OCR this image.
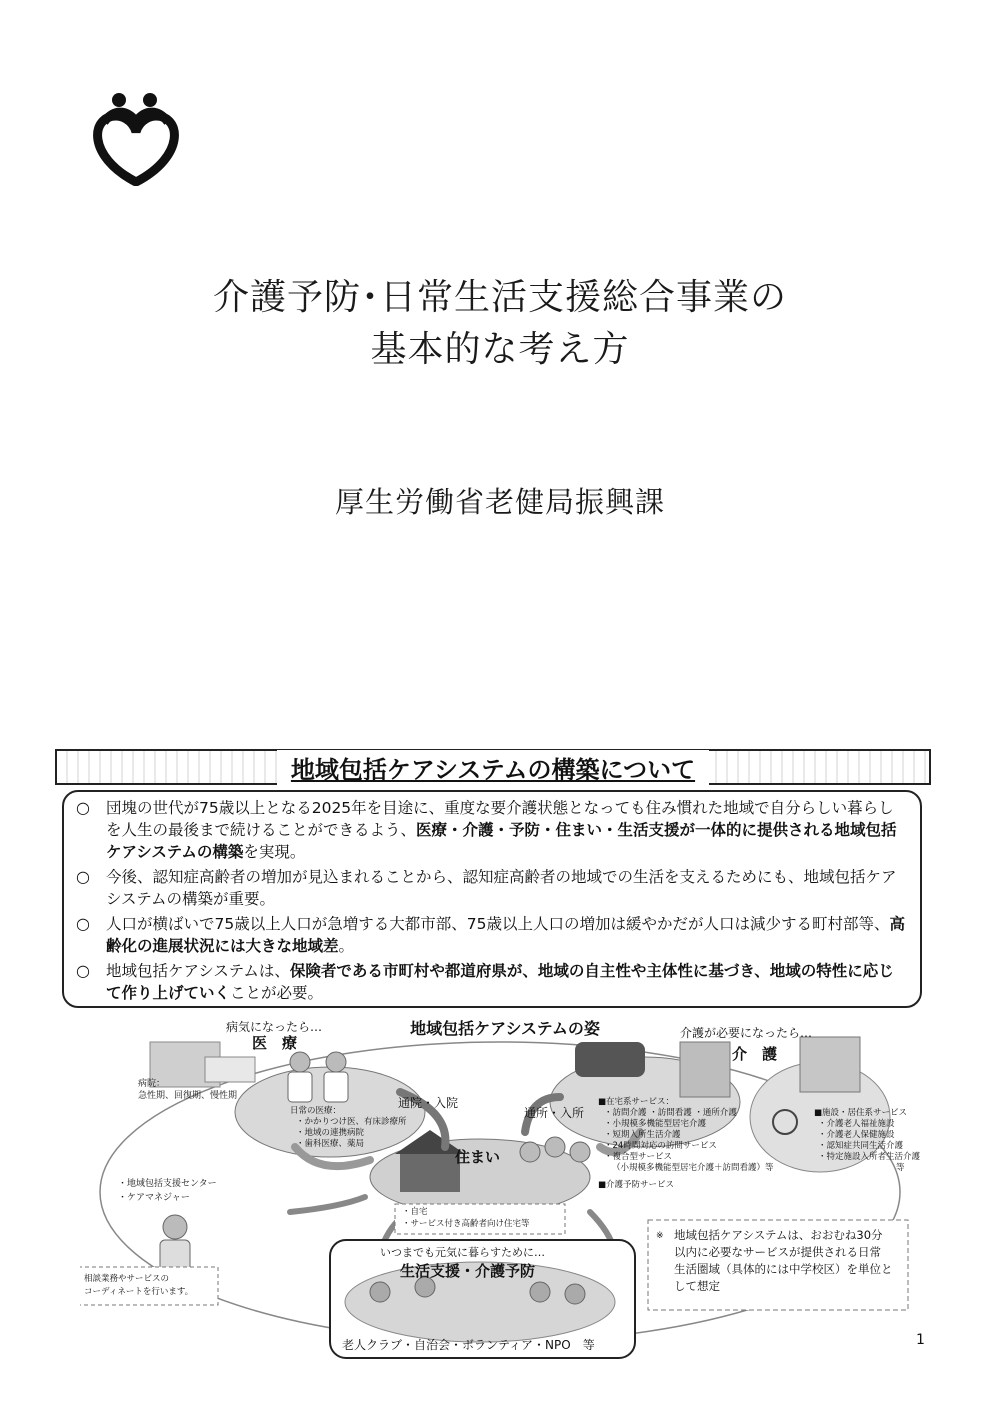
介護予防･日常生活支援総合事業の
基本的な考え方
厚生労働省老健局振興課
地域包括ケアシステムの構築について
○	団塊の世代が75歳以上となる2025年を目途に、重度な要介護状態となっても住み慣れた地域で自分らしい暮らしを人生の最後まで続けることができるよう、医療・介護・予防・住まい・生活支援が一体的に提供される地域包括ケアシステムの構築を実現。
○	今後、認知症高齢者の増加が見込まれることから、認知症高齢者の地域での生活を支えるためにも、地域包括ケアシステムの構築が重要。
○	人口が横ばいで75歳以上人口が急増する大都市部、75歳以上人口の増加は緩やかだが人口は減少する町村部等、高齢化の進展状況には大きな地域差。
○	地域包括ケアシステムは、保険者である市町村や都道府県が、地域の自主性や主体性に基づき、地域の特性に応じて作り上げていくことが必要。
地域包括ケアシステムの姿
病気になったら…
医　療
病院：
急性期、回復期、慢性期
日常の医療：
・かかりつけ医、有床診療所
・地域の連携病院
・歯科医療、薬局
通院・入院
通所・入所
介護が必要になったら…
介　護
■在宅系サービス：
・訪問介護 ・訪問看護 ・通所介護
・小規模多機能型居宅介護
・短期入所生活介護
・24時間対応の訪問サービス
・複合型サービス
（小規模多機能型居宅介護＋訪問看護）等
■介護予防サービス
■施設・居住系サービス
・介護老人福祉施設
・介護老人保健施設
・認知症共同生活介護
・特定施設入所者生活介護
等
住まい
・自宅
・サービス付き高齢者向け住宅等
・地域包括支援センター
・ケアマネジャー
相談業務やサービスの
コーディネートを行います。
いつまでも元気に暮らすために…
生活支援・介護予防
老人クラブ・自治会・ボランティア・NPO　等
※ 地域包括ケアシステムは、おおむね30分
以内に必要なサービスが提供される日常
生活圏域（具体的には中学校区）を単位と
して想定
1
